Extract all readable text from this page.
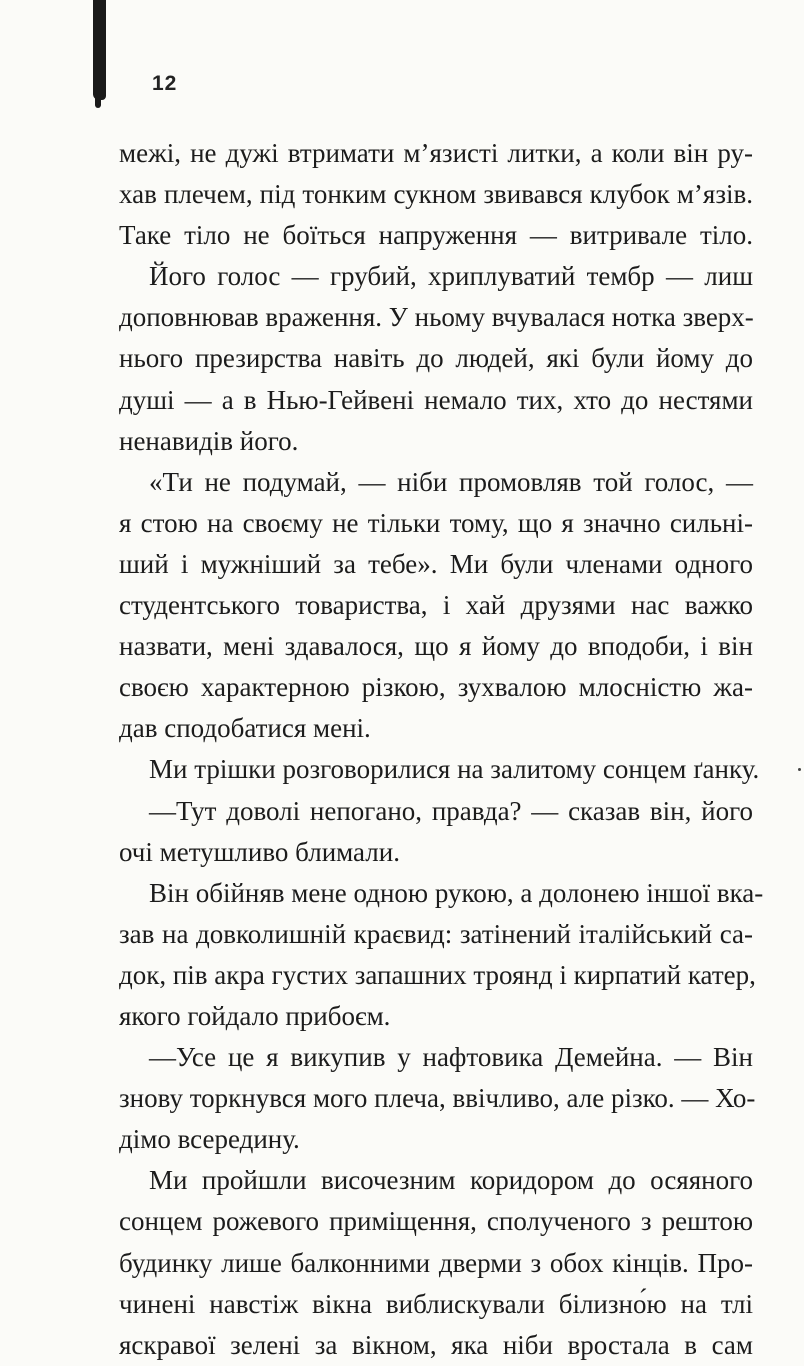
12
межі, не дужі втримати м’язисті литки, а коли він ру-
хав плечем, під тонким сукном звивався клубок м’язів.
Таке тіло не боїться напруження — витривале тіло.
Його голос — грубий, хриплуватий тембр — лиш
доповнював враження. У ньому вчувалася нотка зверх-
нього презирства навіть до людей, які були йому до
душі — а в Нью-Гейвені немало тих, хто до нестями
ненавидів його.
«Ти не подумай, — ніби промовляв той голос, —
я стою на своєму не тільки тому, що я значно сильні-
ший і мужніший за тебе». Ми були членами одного
студентського товариства, і хай друзями нас важко
назвати, мені здавалося, що я йому до вподоби, і він
своєю характерною різкою, зухвалою млосністю жа-
дав сподобатися мені.
Ми трішки розговорилися на залитому сонцем ґанку.
—Тут доволі непогано, правда? — сказав він, його
очі метушливо блимали.
Він обійняв мене одною рукою, а долонею іншої вка-
зав на довколишній краєвид: затінений італійський са-
док, пів акра густих запашних троянд і кирпатий катер,
якого гойдало прибоєм.
—Усе це я викупив у нафтовика Демейна. — Він
знову торкнувся мого плеча, ввічливо, але різко. — Хо-
дімо всередину.
Ми пройшли височезним коридором до осяяного
сонцем рожевого приміщення, сполученого з рештою
будинку лише балконними дверми з обох кінців. Про-
чинені навстіж вікна виблискували білизно́ю на тлі
яскравої зелені за вікном, яка ніби вростала в сам
